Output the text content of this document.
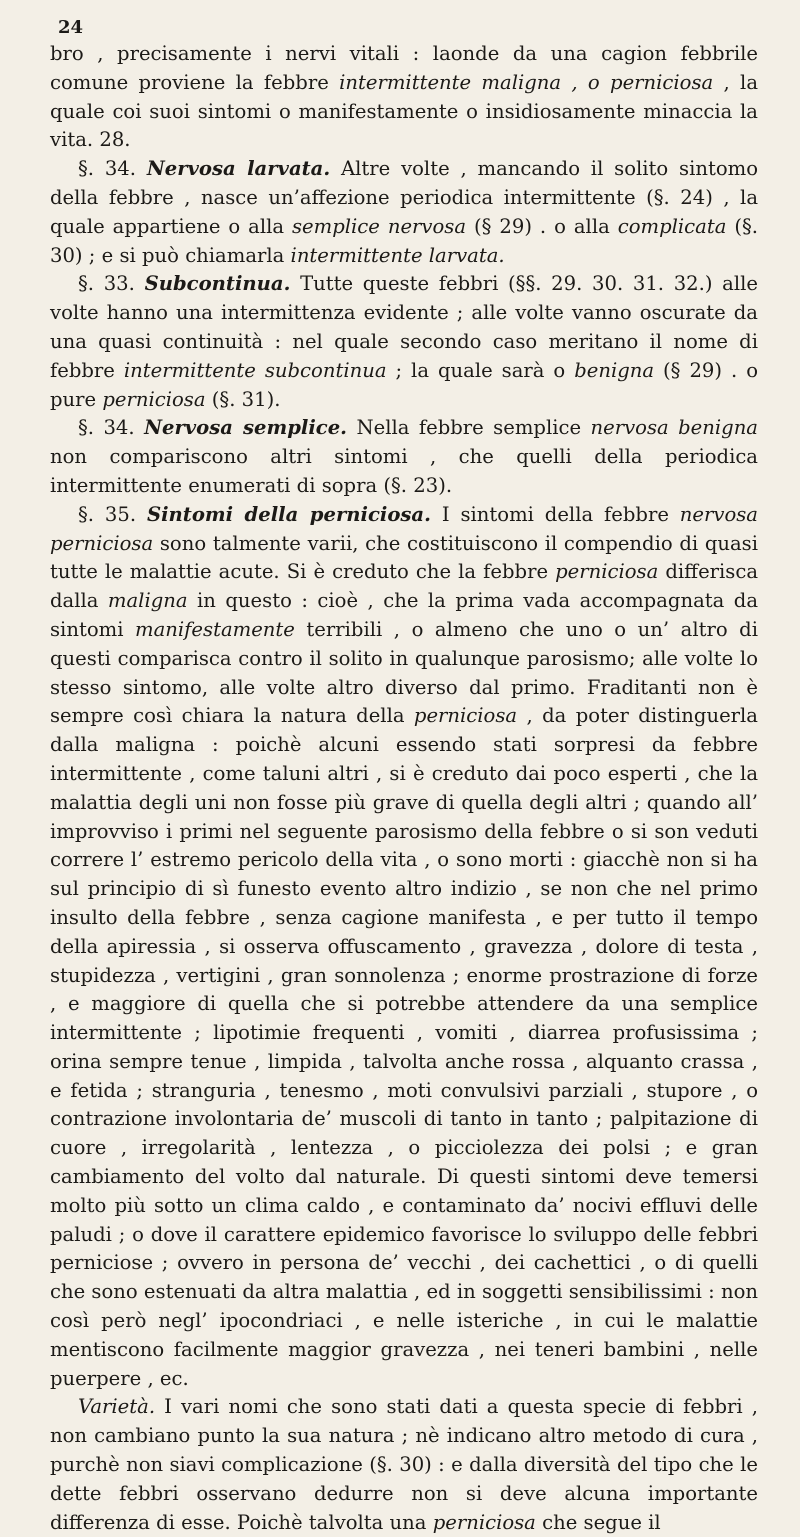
24

bro , precisamente i nervi vitali : laonde da una cagion febbrile comune proviene la febbre intermittente maligna , o perniciosa , la quale coi suoi sintomi o manifestamente o insidiosamente minaccia la vita. 28.

§. 34. Nervosa larvata. Altre volte , mancando il solito sintomo della febbre , nasce un’affezione periodica intermittente (§. 24) , la quale appartiene o alla semplice nervosa (§ 29) . o alla complicata (§. 30) ; e si può chiamarla intermittente larvata.

§. 33. Subcontinua. Tutte queste febbri (§§. 29. 30. 31. 32.) alle volte hanno una intermittenza evidente ; alle volte vanno oscurate da una quasi continuità : nel quale secondo caso meritano il nome di febbre intermittente subcontinua ; la quale sarà o benigna (§ 29) . o pure perniciosa (§. 31).

§. 34. Nervosa semplice. Nella febbre semplice nervosa benigna non compariscono altri sintomi , che quelli della periodica intermittente enumerati di sopra (§. 23).

§. 35. Sintomi della perniciosa. I sintomi della febbre nervosa perniciosa sono talmente varii, che costituiscono il compendio di quasi tutte le malattie acute. Si è creduto che la febbre perniciosa differisca dalla maligna in questo : cioè , che la prima vada accompagnata da sintomi manifestamente terribili , o almeno che uno o un’ altro di questi comparisca contro il solito in qualunque parosismo; alle volte lo stesso sintomo, alle volte altro diverso dal primo. Fraditanti non è sempre così chiara la natura della perniciosa , da poter distinguerla dalla maligna : poichè alcuni essendo stati sorpresi da febbre intermittente , come taluni altri , si è creduto dai poco esperti , che la malattia degli uni non fosse più grave di quella degli altri ; quando all’ improvviso i primi nel seguente parosismo della febbre o si son veduti correre l’ estremo pericolo della vita , o sono morti : giacchè non si ha sul principio di sì funesto evento altro indizio , se non che nel primo insulto della febbre , senza cagione manifesta , e per tutto il tempo della apiressia , si osserva offuscamento , gravezza , dolore di testa , stupidezza , vertigini , gran sonnolenza ; enorme prostrazione di forze , e maggiore di quella che si potrebbe attendere da una semplice intermittente ; lipotimie frequenti , vomiti , diarrea profusissima ; orina sempre tenue , limpida , talvolta anche rossa , alquanto crassa , e fetida ; stranguria , tenesmo , moti convulsivi parziali , stupore , o contrazione involontaria de’ muscoli di tanto in tanto ; palpitazione di cuore , irregolarità , lentezza , o picciolezza dei polsi ; e gran cambiamento del volto dal naturale. Di questi sintomi deve temersi molto più sotto un clima caldo , e contaminato da’ nocivi effluvi delle paludi ; o dove il carattere epidemico favorisce lo sviluppo delle febbri perniciose ; ovvero in persona de’ vecchi , dei cachettici , o di quelli che sono estenuati da altra malattia , ed in soggetti sensibilissimi : non così però negl’ ipocondriaci , e nelle isteriche , in cui le malattie mentiscono facilmente maggior gravezza , nei teneri bambini , nelle puerpere , ec.

Varietà. I vari nomi che sono stati dati a questa specie di febbri , non cambiano punto la sua natura ; nè indicano altro metodo di cura , purchè non siavi complicazione (§. 30) : e dalla diversità del tipo che le dette febbri osservano dedurre non si deve alcuna importante differenza di esse. Poichè talvolta una perniciosa che segue il
